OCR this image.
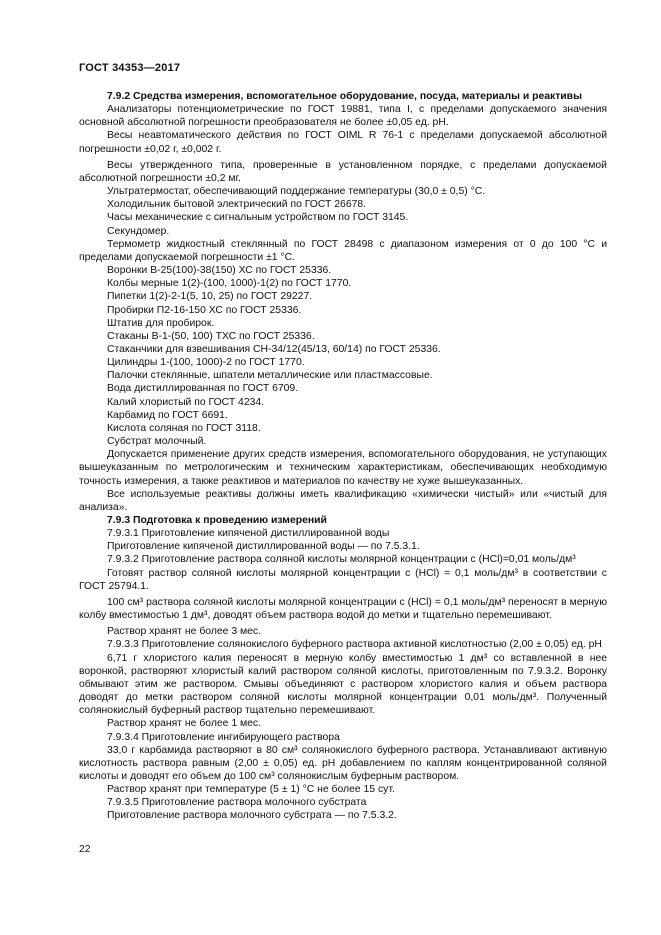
ГОСТ 34353—2017

7.9.2 Средства измерения, вспомогательное оборудование, посуда, материалы и реактивы

Анализаторы потенциометрические по ГОСТ 19881, типа I, с пределами допускаемого значения основной абсолютной погрешности преобразователя не более ±0,05 ед. pH.

Весы неавтоматического действия по ГОСТ OIML R 76-1 с пределами допускаемой абсолютной погрешности ±0,02 г, ±0,002 г.

Весы утвержденного типа, проверенные в установленном порядке, с пределами допускаемой абсолютной погрешности ±0,2 мг.

Ультратермостат, обеспечивающий поддержание температуры (30,0 ± 0,5) °С.

Холодильник бытовой электрический по ГОСТ 26678.

Часы механические с сигнальным устройством по ГОСТ 3145.

Секундомер.

Термометр жидкостный стеклянный по ГОСТ 28498 с диапазоном измерения от 0 до 100 °С и пределами допускаемой погрешности ±1 °С.

Воронки В-25(100)-38(150) ХС по ГОСТ 25336.

Колбы мерные 1(2)-(100, 1000)-1(2) по ГОСТ 1770.

Пипетки 1(2)-2-1(5, 10, 25) по ГОСТ 29227.

Пробирки П2-16-150 ХС по ГОСТ 25336.

Штатив для пробирок.

Стаканы В-1-(50, 100) ТХС по ГОСТ 25336.

Стаканчики для взвешивания СН-34/12(45/13, 60/14) по ГОСТ 25336.

Цилиндры 1-(100, 1000)-2 по ГОСТ 1770.

Палочки стеклянные, шпатели металлические или пластмассовые.

Вода дистиллированная по ГОСТ 6709.

Калий хлористый по ГОСТ 4234.

Карбамид по ГОСТ 6691.

Кислота соляная по ГОСТ 3118.

Субстрат молочный.

Допускается применение других средств измерения, вспомогательного оборудования, не уступающих вышеуказанным по метрологическим и техническим характеристикам, обеспечивающих необходимую точность измерения, а также реактивов и материалов по качеству не хуже вышеуказанных.

Все используемые реактивы должны иметь квалификацию «химически чистый» или «чистый для анализа».

7.9.3 Подготовка к проведению измерений

7.9.3.1 Приготовление кипяченой дистиллированной воды

Приготовление кипяченой дистиллированной воды — по 7.5.3.1.

7.9.3.2 Приготовление раствора соляной кислоты молярной концентрации с (HCl)=0,01 моль/дм³

Готовят раствор соляной кислоты молярной концентрации с (HCl) = 0,1 моль/дм³ в соответствии с ГОСТ 25794.1.

100 см³ раствора соляной кислоты молярной концентрации с (HCl) = 0,1 моль/дм³ переносят в мерную колбу вместимостью 1 дм³, доводят объем раствора водой до метки и тщательно перемешивают.

Раствор хранят не более 3 мес.

7.9.3.3 Приготовление солянокислого буферного раствора активной кислотностью (2,00 ± 0,05) ед. pH

6,71 г хлористого калия переносят в мерную колбу вместимостью 1 дм³ со вставленной в нее воронкой, растворяют хлористый калий раствором соляной кислоты, приготовленным по 7.9.3.2. Воронку обмывают этим же раствором. Смывы объединяют с раствором хлористого калия и объем раствора доводят до метки раствором соляной кислоты молярной концентрации 0,01 моль/дм³. Полученный солянокислый буферный раствор тщательно перемешивают.

Раствор хранят не более 1 мес.

7.9.3.4 Приготовление ингибирующего раствора

33,0 г карбамида растворяют в 80 см³ солянокислого буферного раствора. Устанавливают активную кислотность раствора равным (2,00 ± 0,05) ед. pH добавлением по каплям концентрированной соляной кислоты и доводят его объем до 100 см³ солянокислым буферным раствором.

Раствор хранят при температуре (5 ± 1) °С не более 15 сут.

7.9.3.5 Приготовление раствора молочного субстрата

Приготовление раствора молочного субстрата — по 7.5.3.2.

22
